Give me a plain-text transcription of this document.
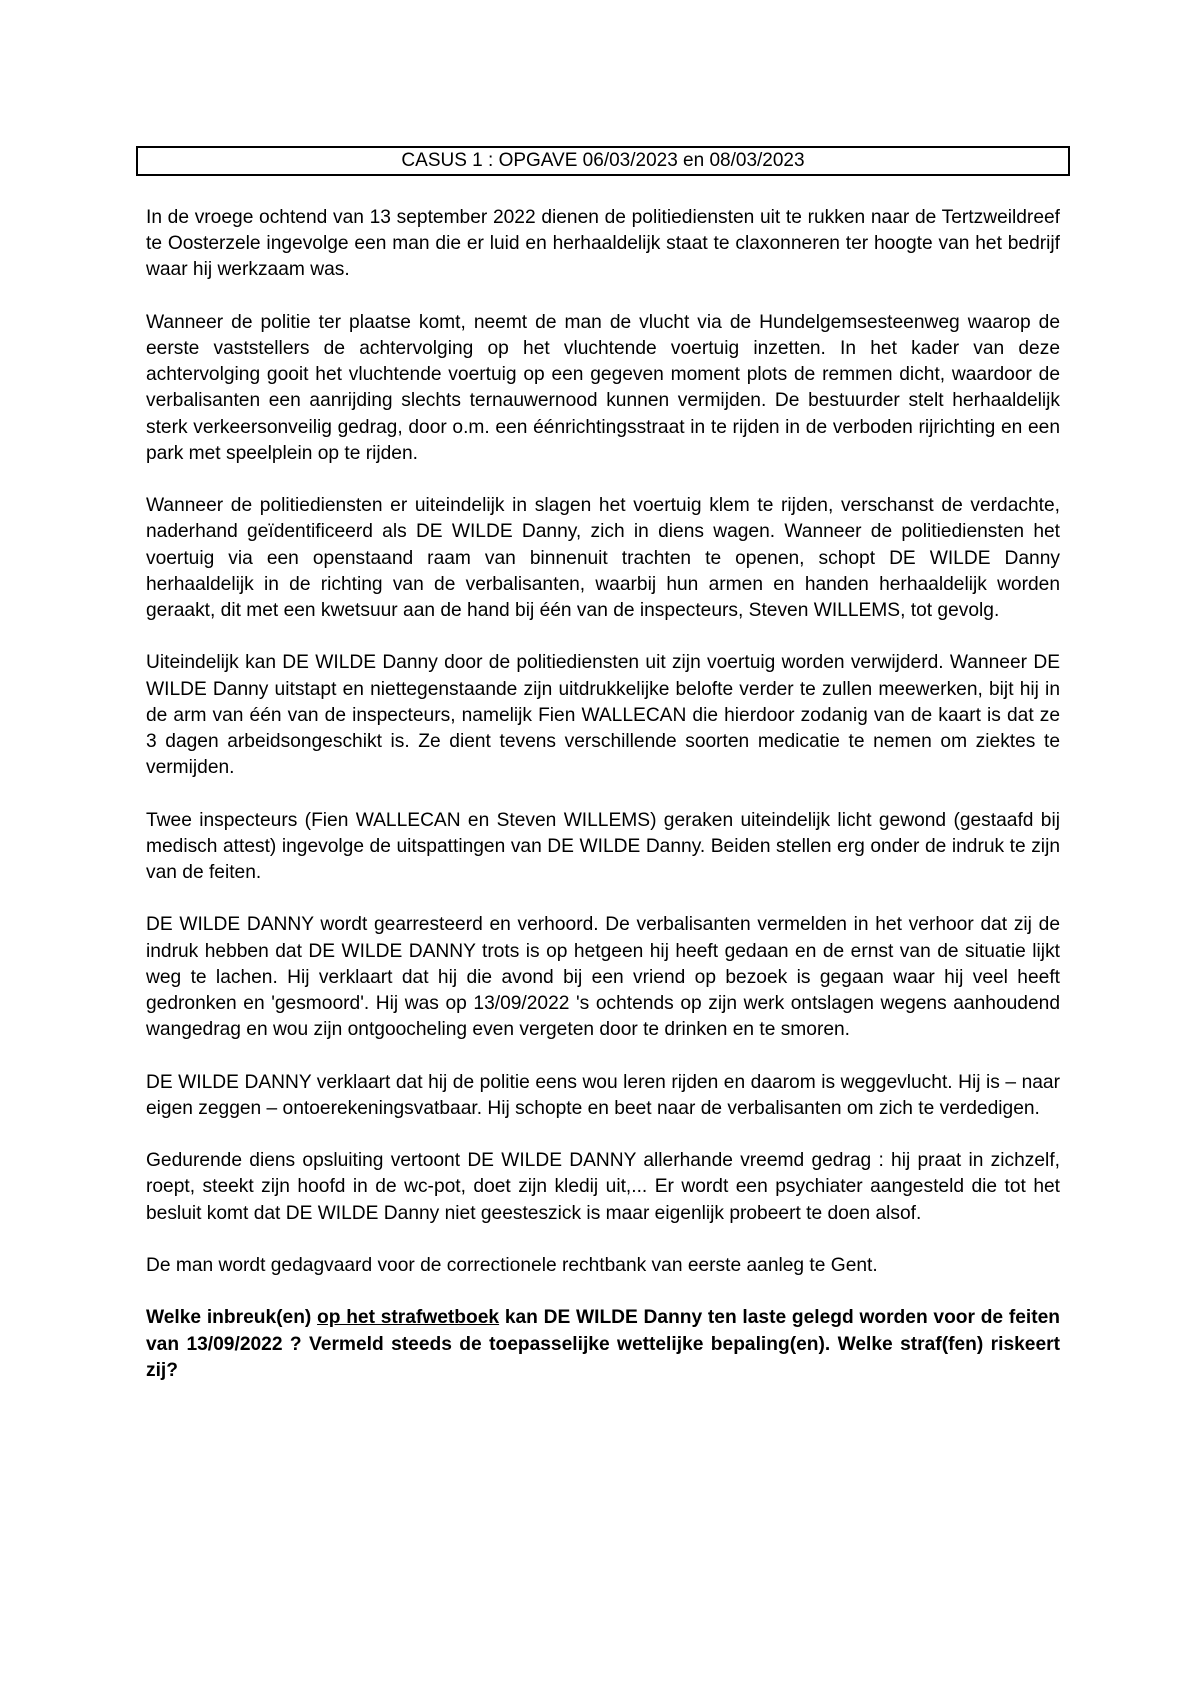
CASUS 1 : OPGAVE 06/03/2023 en 08/03/2023

In de vroege ochtend van 13 september 2022 dienen de politiediensten uit te rukken naar de Tertzweildreef te Oosterzele ingevolge een man die er luid en herhaaldelijk staat te claxonneren ter hoogte van het bedrijf waar hij werkzaam was.

Wanneer de politie ter plaatse komt, neemt de man de vlucht via de Hundelgemsesteenweg waarop de eerste vaststellers de achtervolging op het vluchtende voertuig inzetten. In het kader van deze achtervolging gooit het vluchtende voertuig op een gegeven moment plots de remmen dicht, waardoor de verbalisanten een aanrijding slechts ternauwernood kunnen vermijden. De bestuurder stelt herhaaldelijk sterk verkeersonveilig gedrag, door o.m. een éénrichtingsstraat in te rijden in de verboden rijrichting en een park met speelplein op te rijden.

Wanneer de politiediensten er uiteindelijk in slagen het voertuig klem te rijden, verschanst de verdachte, naderhand geïdentificeerd als DE WILDE Danny, zich in diens wagen. Wanneer de politiediensten het voertuig via een openstaand raam van binnenuit trachten te openen, schopt DE WILDE Danny herhaaldelijk in de richting van de verbalisanten, waarbij hun armen en handen herhaaldelijk worden geraakt, dit met een kwetsuur aan de hand bij één van de inspecteurs, Steven WILLEMS, tot gevolg.

Uiteindelijk kan DE WILDE Danny door de politiediensten uit zijn voertuig worden verwijderd. Wanneer DE WILDE Danny uitstapt en niettegenstaande zijn uitdrukkelijke belofte verder te zullen meewerken, bijt hij in de arm van één van de inspecteurs, namelijk Fien WALLECAN die hierdoor zodanig van de kaart is dat ze 3 dagen arbeidsongeschikt is. Ze dient tevens verschillende soorten medicatie te nemen om ziektes te vermijden.

Twee inspecteurs (Fien WALLECAN en Steven WILLEMS) geraken uiteindelijk licht gewond (gestaafd bij medisch attest) ingevolge de uitspattingen van DE WILDE Danny. Beiden stellen erg onder de indruk te zijn van de feiten.

DE WILDE DANNY wordt gearresteerd en verhoord. De verbalisanten vermelden in het verhoor dat zij de indruk hebben dat DE WILDE DANNY trots is op hetgeen hij heeft gedaan en de ernst van de situatie lijkt weg te lachen. Hij verklaart dat hij die avond bij een vriend op bezoek is gegaan waar hij veel heeft gedronken en 'gesmoord'. Hij was op 13/09/2022 's ochtends op zijn werk ontslagen wegens aanhoudend wangedrag en wou zijn ontgoocheling even vergeten door te drinken en te smoren.

DE WILDE DANNY verklaart dat hij de politie eens wou leren rijden en daarom is weggevlucht. Hij is – naar eigen zeggen – ontoerekeningsvatbaar. Hij schopte en beet naar de verbalisanten om zich te verdedigen.

Gedurende diens opsluiting vertoont DE WILDE DANNY allerhande vreemd gedrag : hij praat in zichzelf, roept, steekt zijn hoofd in de wc-pot, doet zijn kledij uit,... Er wordt een psychiater aangesteld die tot het besluit komt dat DE WILDE Danny niet geesteszick is maar eigenlijk probeert te doen alsof.

De man wordt gedagvaard voor de correctionele rechtbank van eerste aanleg te Gent.

Welke inbreuk(en) op het strafwetboek kan DE WILDE Danny ten laste gelegd worden voor de feiten van 13/09/2022 ? Vermeld steeds de toepasselijke wettelijke bepaling(en). Welke straf(fen) riskeert zij?
